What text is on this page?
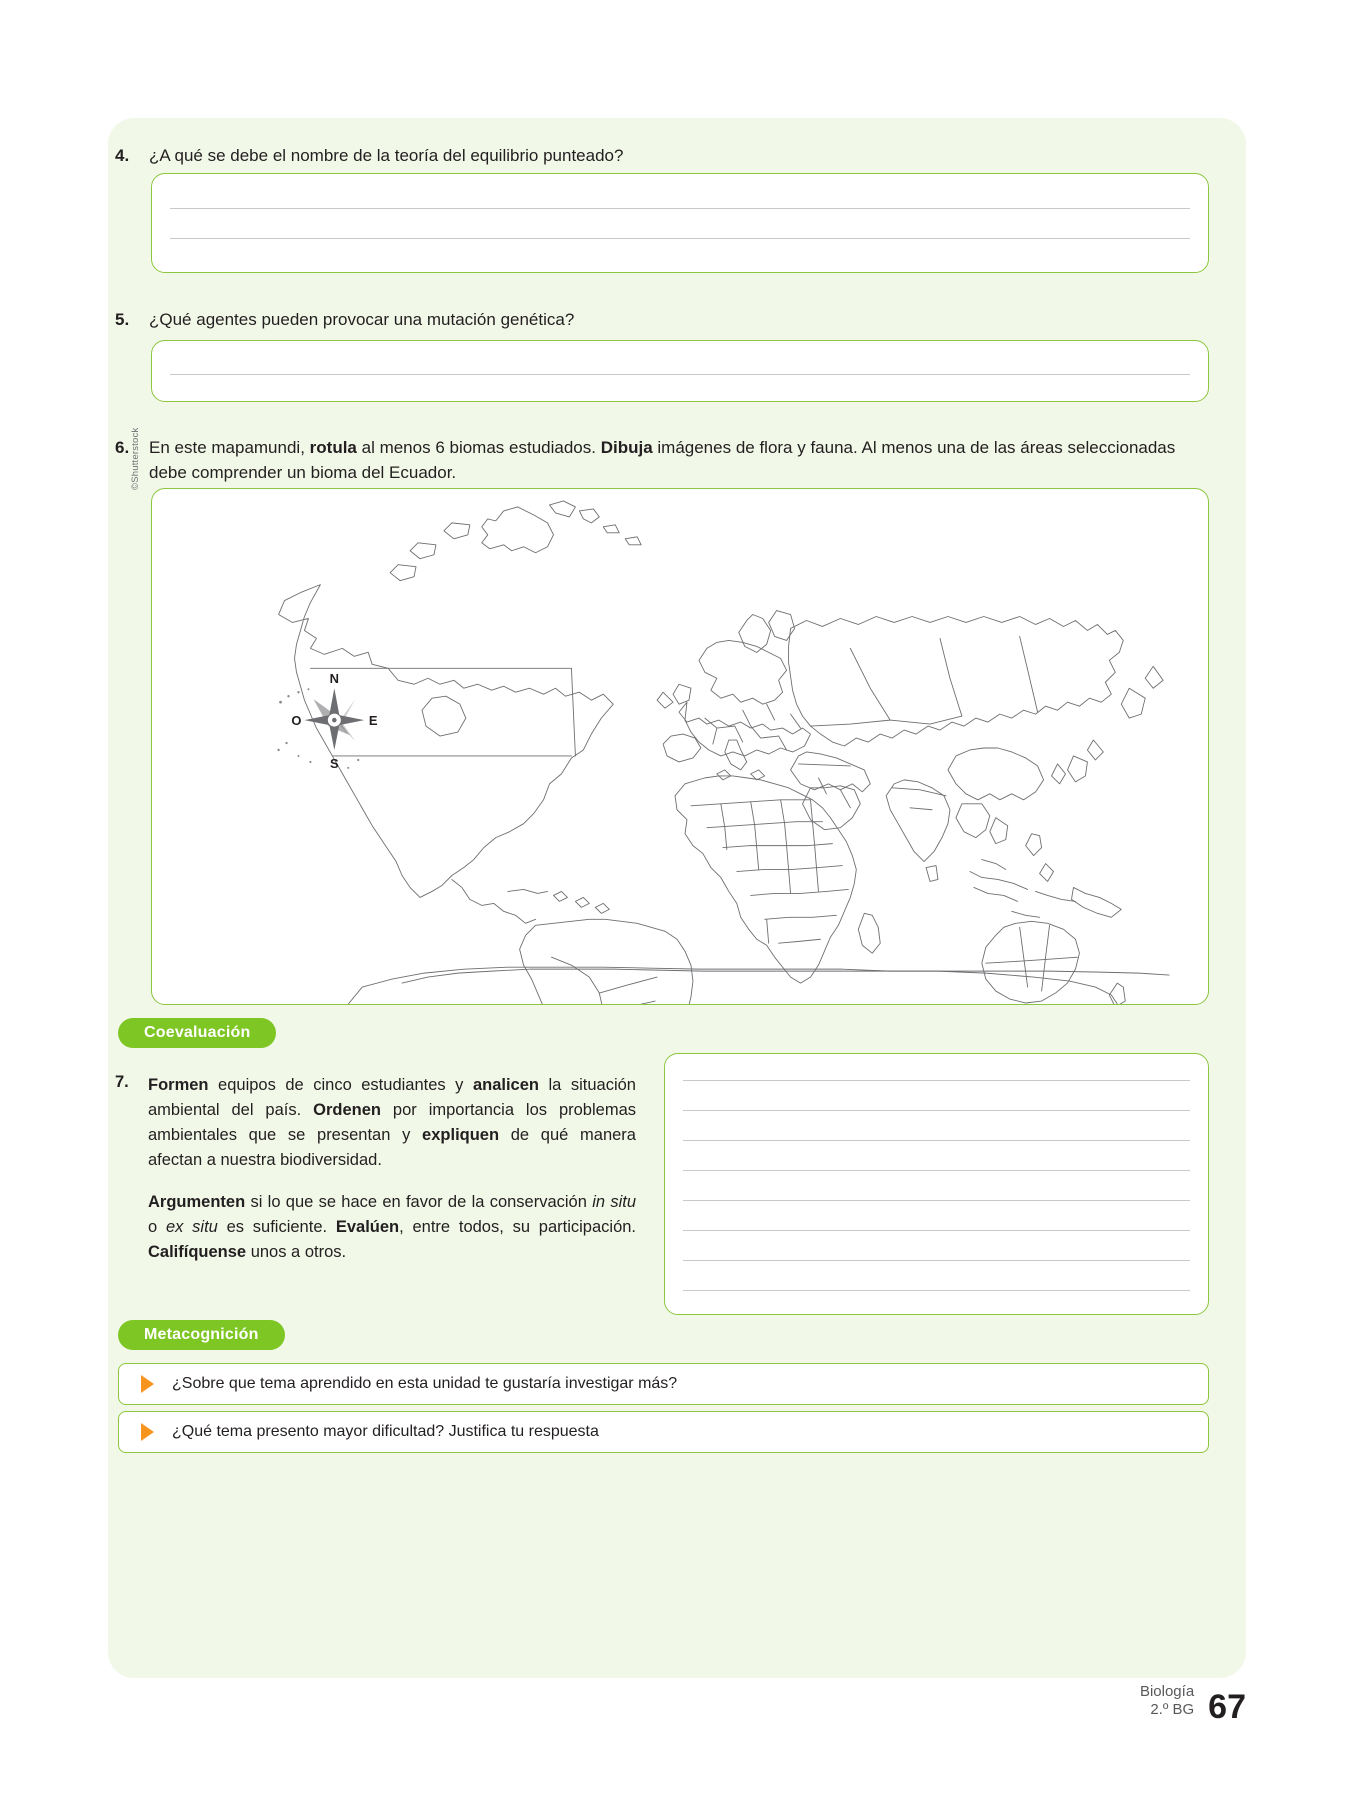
4.	¿A qué se debe el nombre de la teoría del equilibrio punteado?
5.	¿Qué agentes pueden provocar una mutación genética?
6.	En este mapamundi, rotula al menos 6 biomas estudiados. Dibuja imágenes de flora y fauna. Al menos una de las áreas seleccionadas debe comprender un bioma del Ecuador.
©Shutterstock
N
S
E
O
Coevaluación
7. Formen equipos de cinco estudiantes y analicen la situación ambiental del país. Ordenen por importancia los problemas ambientales que se presentan y expliquen de qué manera afectan a nuestra biodiversidad.
Argumenten si lo que se hace en favor de la conservación in situ o ex situ es suficiente. Evalúen, entre todos, su participación. Califíquense unos a otros.
Metacognición
¿Sobre que tema aprendido en esta unidad te gustaría investigar más?
¿Qué tema presento mayor dificultad? Justifica tu respuesta
Biología
2.º BG 67
